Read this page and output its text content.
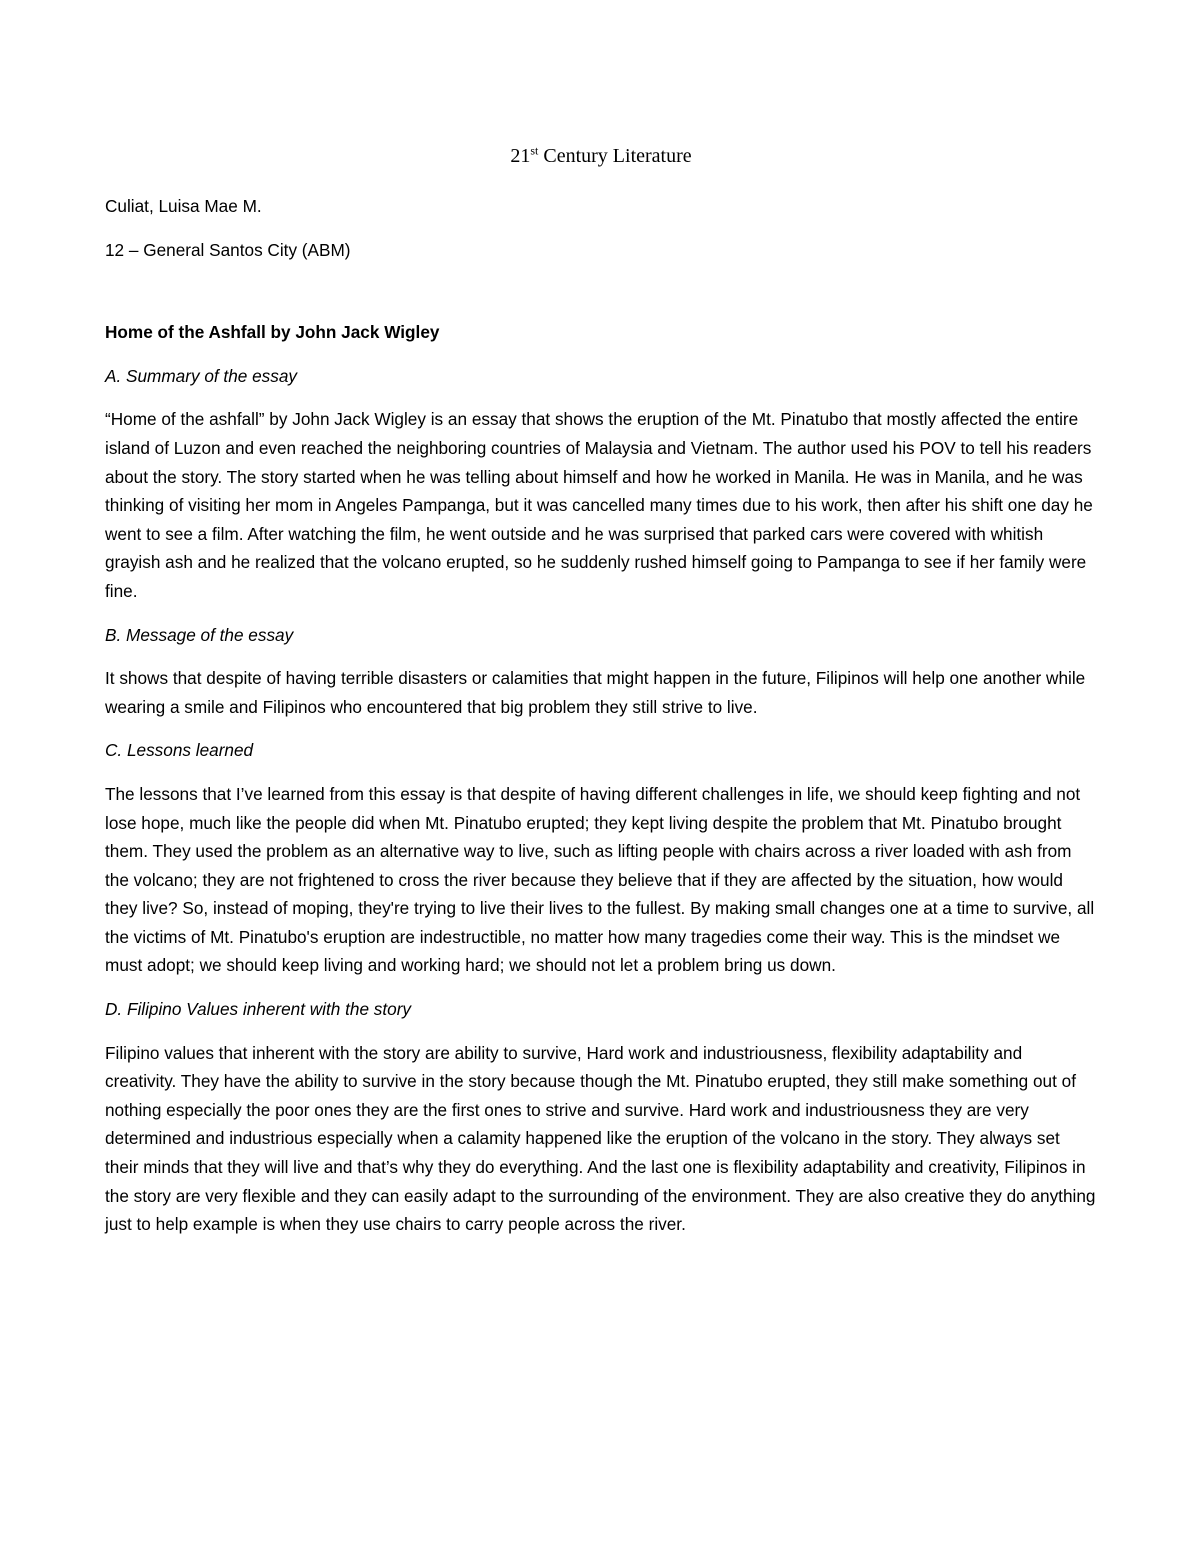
21st Century Literature

Culiat, Luisa Mae M.

12 – General Santos City (ABM)

Home of the Ashfall by John Jack Wigley

A. Summary of the essay

“Home of the ashfall” by John Jack Wigley is an essay that shows the eruption of the Mt. Pinatubo that mostly affected the entire island of Luzon and even reached the neighboring countries of Malaysia and Vietnam. The author used his POV to tell his readers about the story. The story started when he was telling about himself and how he worked in Manila. He was in Manila, and he was thinking of visiting her mom in Angeles Pampanga, but it was cancelled many times due to his work, then after his shift one day he went to see a film. After watching the film, he went outside and he was surprised that parked cars were covered with whitish grayish ash and he realized that the volcano erupted, so he suddenly rushed himself going to Pampanga to see if her family were fine.

B. Message of the essay

It shows that despite of having terrible disasters or calamities that might happen in the future, Filipinos will help one another while wearing a smile and Filipinos who encountered that big problem they still strive to live.

C. Lessons learned

The lessons that I’ve learned from this essay is that despite of having different challenges in life, we should keep fighting and not lose hope, much like the people did when Mt. Pinatubo erupted; they kept living despite the problem that Mt. Pinatubo brought them. They used the problem as an alternative way to live, such as lifting people with chairs across a river loaded with ash from the volcano; they are not frightened to cross the river because they believe that if they are affected by the situation, how would they live? So, instead of moping, they're trying to live their lives to the fullest. By making small changes one at a time to survive, all the victims of Mt. Pinatubo's eruption are indestructible, no matter how many tragedies come their way. This is the mindset we must adopt; we should keep living and working hard; we should not let a problem bring us down.

D. Filipino Values inherent with the story

Filipino values that inherent with the story are ability to survive, Hard work and industriousness, flexibility adaptability and creativity. They have the ability to survive in the story because though the Mt. Pinatubo erupted, they still make something out of nothing especially the poor ones they are the first ones to strive and survive. Hard work and industriousness they are very determined and industrious especially when a calamity happened like the eruption of the volcano in the story. They always set their minds that they will live and that’s why they do everything. And the last one is flexibility adaptability and creativity, Filipinos in the story are very flexible and they can easily adapt to the surrounding of the environment. They are also creative they do anything just to help example is when they use chairs to carry people across the river.
